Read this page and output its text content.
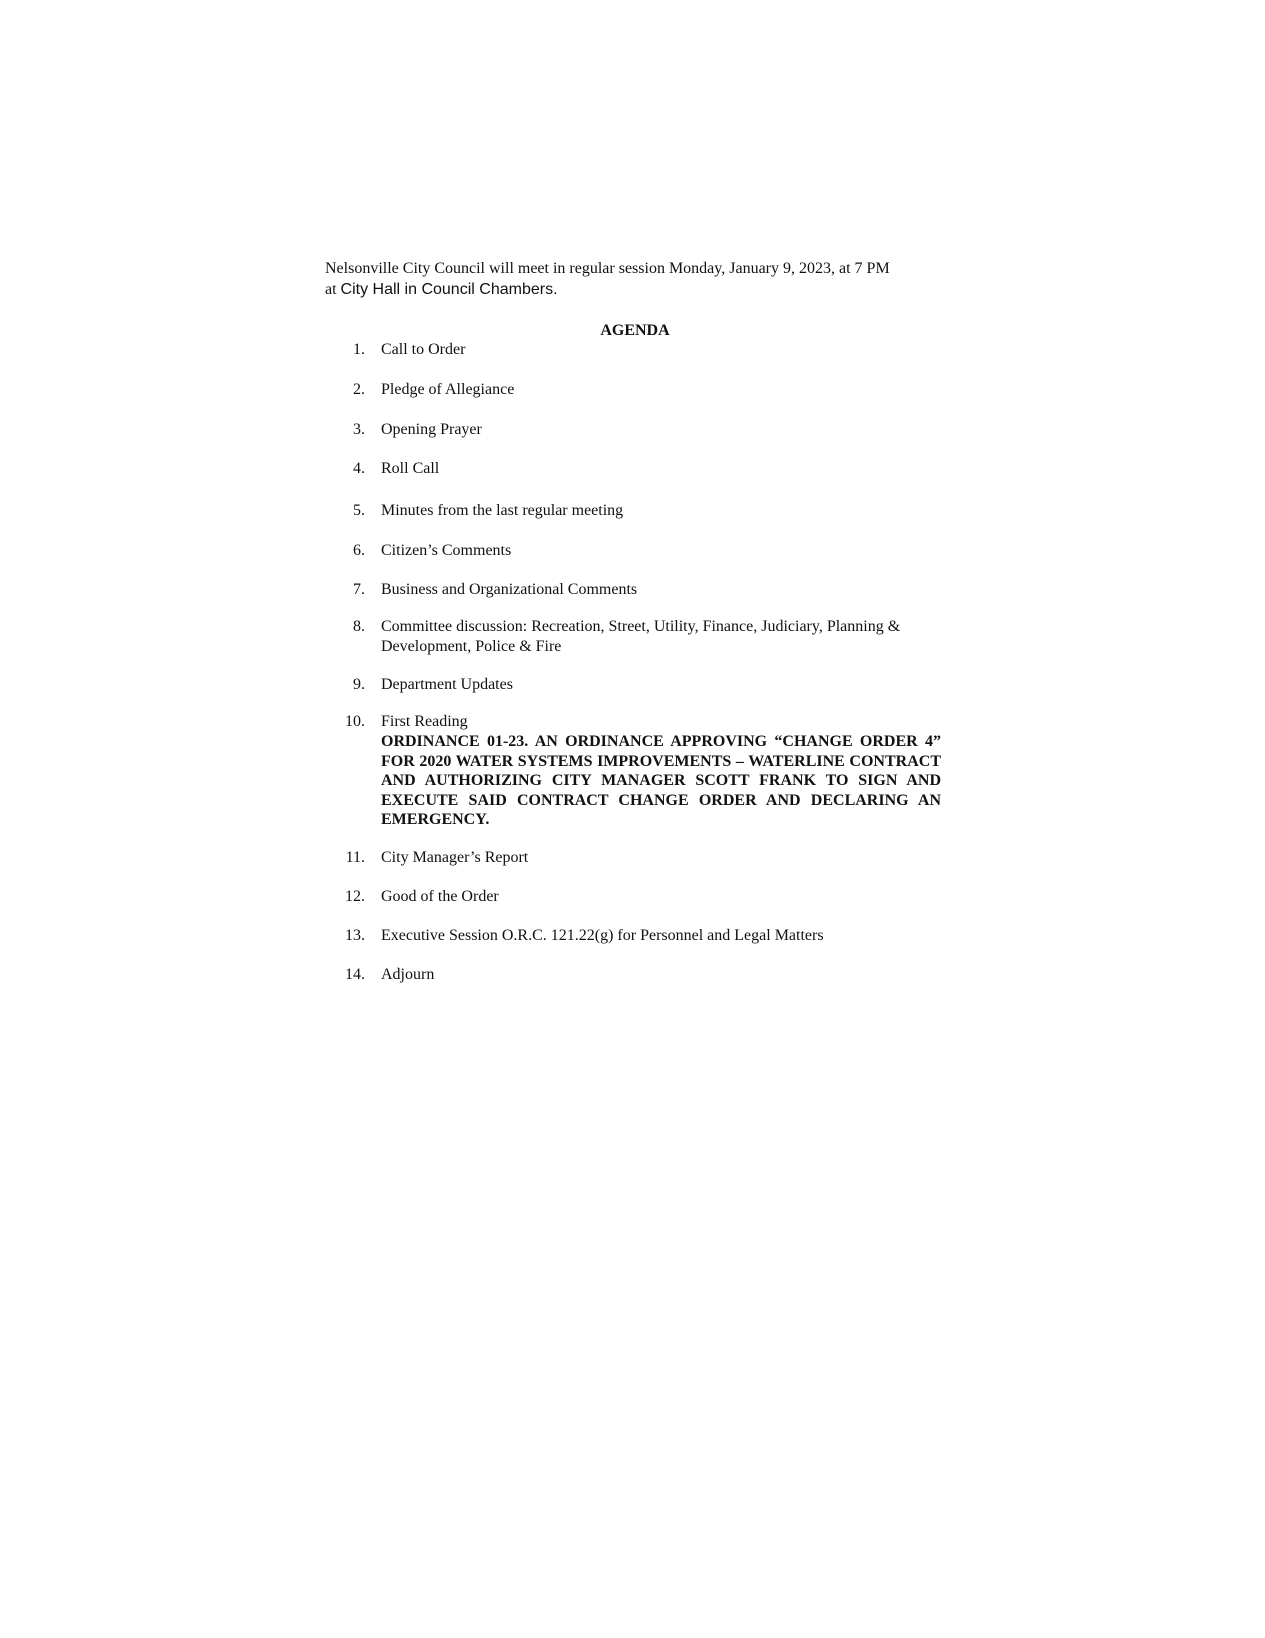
Nelsonville City Council will meet in regular session Monday, January 9, 2023, at 7 PM
at City Hall in Council Chambers.
AGENDA
1. Call to Order
2. Pledge of Allegiance
3. Opening Prayer
4. Roll Call
5. Minutes from the last regular meeting
6. Citizen’s Comments
7. Business and Organizational Comments
8. Committee discussion: Recreation, Street, Utility, Finance, Judiciary, Planning & Development, Police & Fire
9. Department Updates
10. First Reading
ORDINANCE 01-23. AN ORDINANCE APPROVING “CHANGE ORDER 4” FOR 2020 WATER SYSTEMS IMPROVEMENTS – WATERLINE CONTRACT AND AUTHORIZING CITY MANAGER SCOTT FRANK TO SIGN AND EXECUTE SAID CONTRACT CHANGE ORDER AND DECLARING AN EMERGENCY.
11. City Manager’s Report
12. Good of the Order
13. Executive Session O.R.C. 121.22(g) for Personnel and Legal Matters
14. Adjourn
